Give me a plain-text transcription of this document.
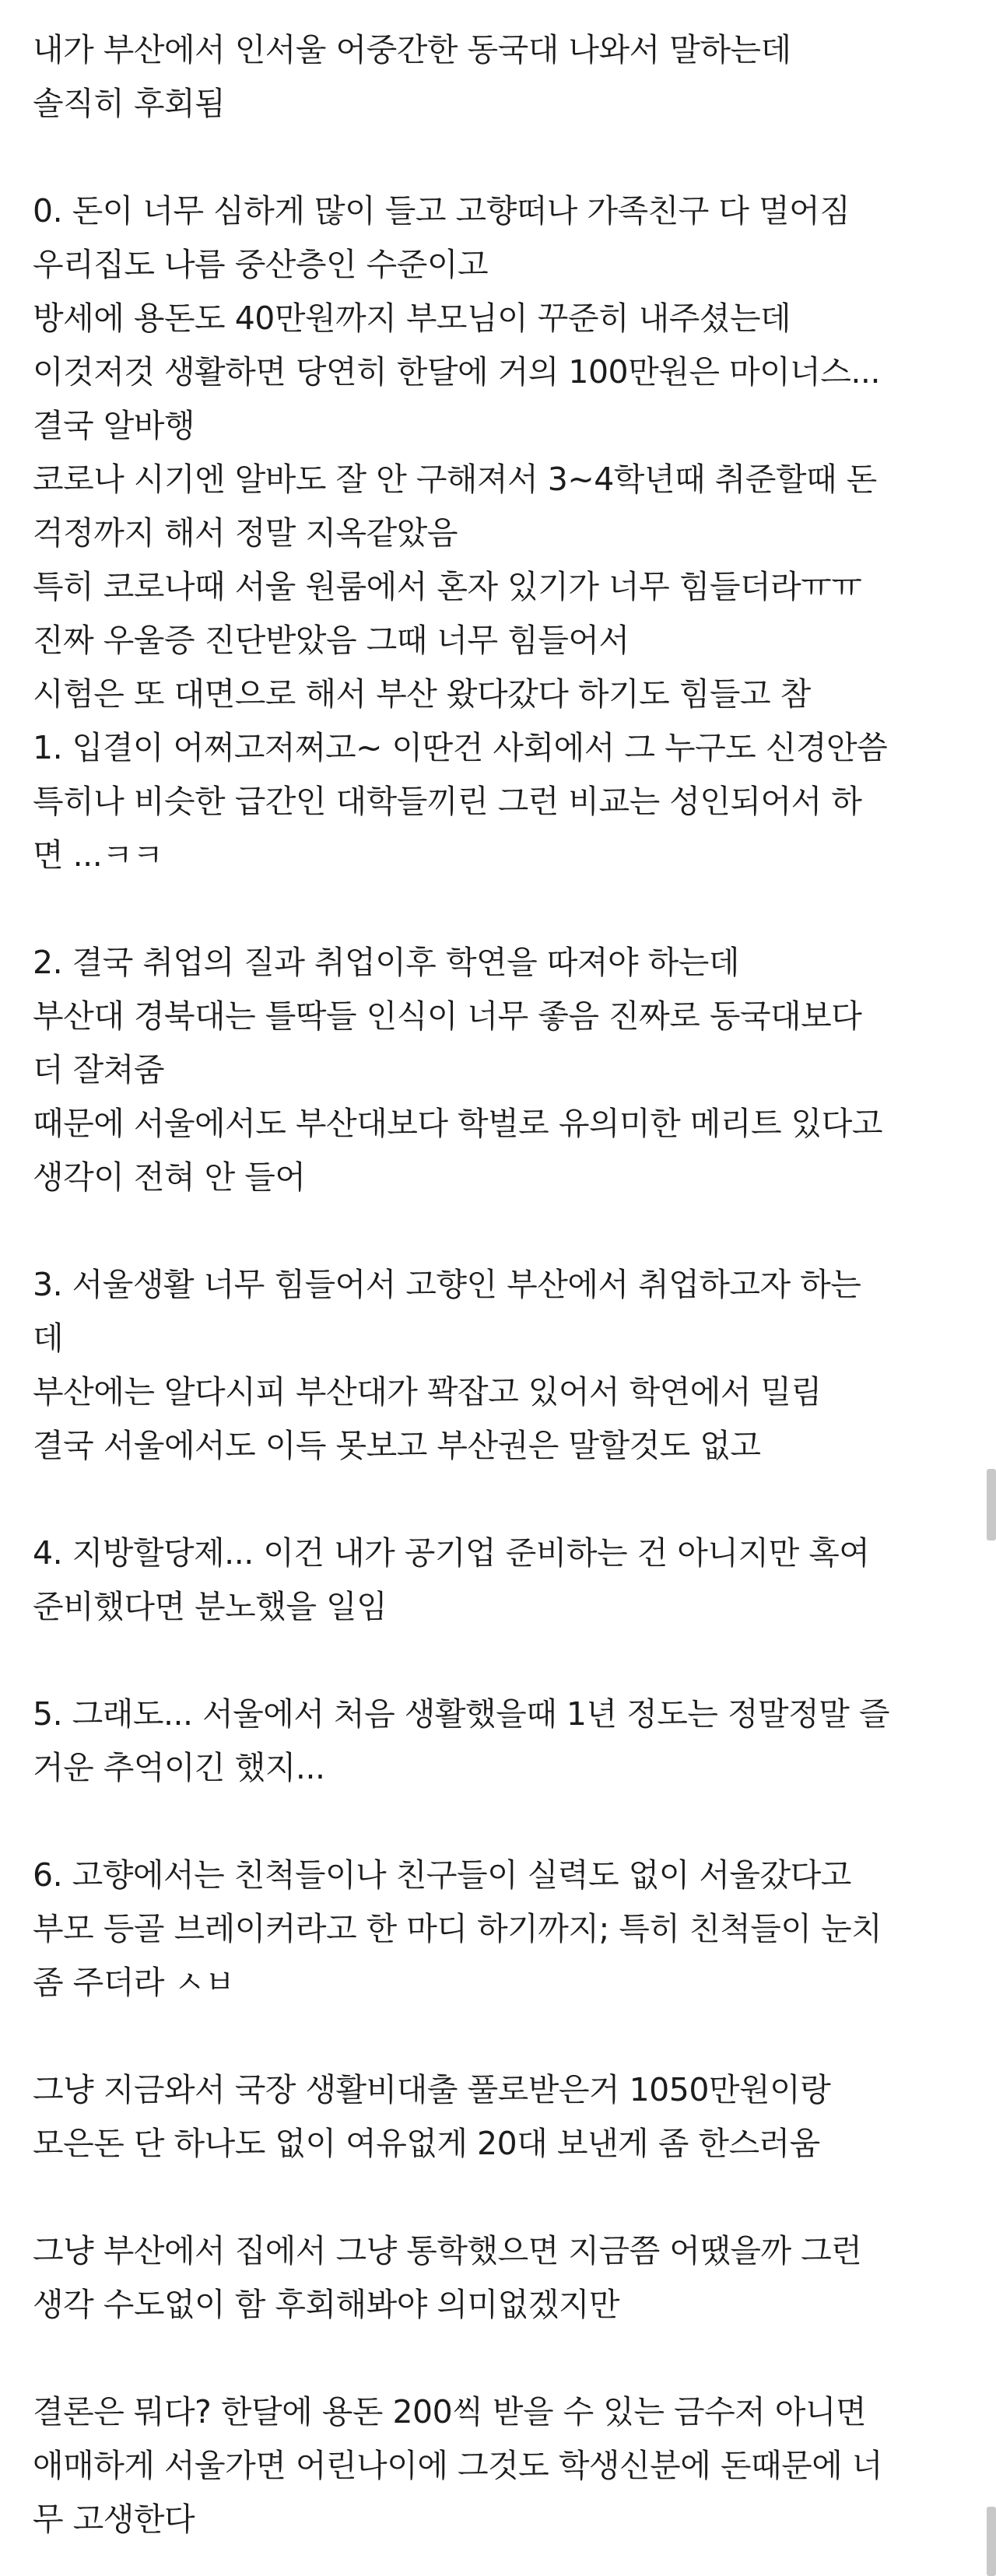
내가 부산에서 인서울 어중간한 동국대 나와서 말하는데
솔직히 후회됨
0. 돈이 너무 심하게 많이 들고 고향떠나 가족친구 다 멀어짐
우리집도 나름 중산층인 수준이고
방세에 용돈도 40만원까지 부모님이 꾸준히 내주셨는데
이것저것 생활하면 당연히 한달에 거의 100만원은 마이너스...
결국 알바행
코로나 시기엔 알바도 잘 안 구해져서 3~4학년때 취준할때 돈
걱정까지 해서 정말 지옥같았음
특히 코로나때 서울 원룸에서 혼자 있기가 너무 힘들더라ㅠㅠ
진짜 우울증 진단받았음 그때 너무 힘들어서
시험은 또 대면으로 해서 부산 왔다갔다 하기도 힘들고 참
1. 입결이 어쩌고저쩌고~ 이딴건 사회에서 그 누구도 신경안씀
특히나 비슷한 급간인 대학들끼린 그런 비교는 성인되어서 하
면 ...ㅋㅋ
2. 결국 취업의 질과 취업이후 학연을 따져야 하는데
부산대 경북대는 틀딱들 인식이 너무 좋음 진짜로 동국대보다
더 잘쳐줌
때문에 서울에서도 부산대보다 학벌로 유의미한 메리트 있다고
생각이 전혀 안 들어
3. 서울생활 너무 힘들어서 고향인 부산에서 취업하고자 하는
데
부산에는 알다시피 부산대가 꽉잡고 있어서 학연에서 밀림
결국 서울에서도 이득 못보고 부산권은 말할것도 없고
4. 지방할당제... 이건 내가 공기업 준비하는 건 아니지만 혹여
준비했다면 분노했을 일임
5. 그래도... 서울에서 처음 생활했을때 1년 정도는 정말정말 즐
거운 추억이긴 했지...
6. 고향에서는 친척들이나 친구들이 실력도 없이 서울갔다고
부모 등골 브레이커라고 한 마디 하기까지; 특히 친척들이 눈치
좀 주더라 ㅅㅂ
그냥 지금와서 국장 생활비대출 풀로받은거 1050만원이랑
모은돈 단 하나도 없이 여유없게 20대 보낸게 좀 한스러움
그냥 부산에서 집에서 그냥 통학했으면 지금쯤 어땠을까 그런
생각 수도없이 함 후회해봐야 의미없겠지만
결론은 뭐다? 한달에 용돈 200씩 받을 수 있는 금수저 아니면
애매하게 서울가면 어린나이에 그것도 학생신분에 돈때문에 너
무 고생한다
